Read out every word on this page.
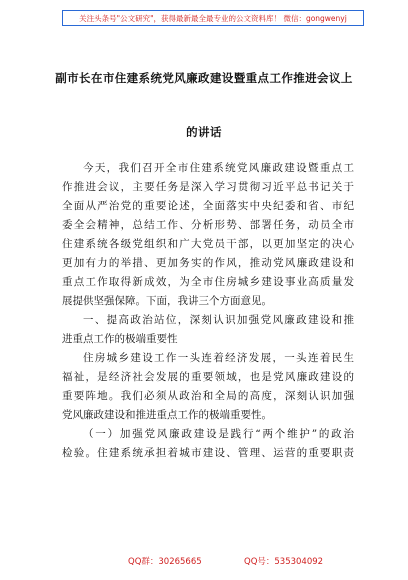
关注头条号"公文研究"，获得最新最全最专业的公文资料库！ 微信：gongwenyj
副市长在市住建系统党风廉政建设暨重点工作推进会议上
的讲话
今天，我们召开全市住建系统党风廉政建设暨重点工
作推进会议，主要任务是深入学习贯彻习近平总书记关于
全面从严治党的重要论述，全面落实中央纪委和省、市纪
委全会精神，总结工作、分析形势、部署任务，动员全市
住建系统各级党组织和广大党员干部，以更加坚定的决心
更加有力的举措、更加务实的作风，推动党风廉政建设和
重点工作取得新成效，为全市住房城乡建设事业高质量发
展提供坚强保障。下面，我讲三个方面意见。
一、提高政治站位，深刻认识加强党风廉政建设和推
进重点工作的极端重要性
住房城乡建设工作一头连着经济发展，一头连着民生
福祉，是经济社会发展的重要领域，也是党风廉政建设的
重要阵地。我们必须从政治和全局的高度，深刻认识加强
党风廉政建设和推进重点工作的极端重要性。
（一）加强党风廉政建设是践行“两个维护”的政治
检验。住建系统承担着城市建设、管理、运营的重要职责
QQ群：30265665	QQ号：535304092
